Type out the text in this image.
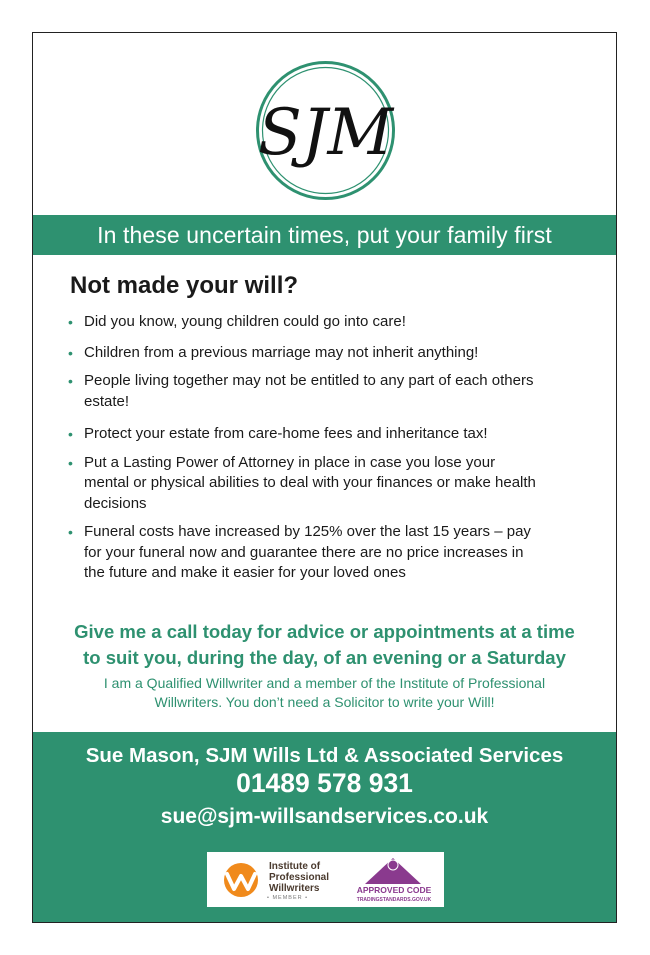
SJM
In these uncertain times, put your family first
Not made your will?
• Did you know, young children could go into care!
• Children from a previous marriage may not inherit anything!
• People living together may not be entitled to any part of each others
estate!
• Protect your estate from care-home fees and inheritance tax!
• Put a Lasting Power of Attorney in place in case you lose your
mental or physical abilities to deal with your finances or make health
decisions
• Funeral costs have increased by 125% over the last 15 years – pay
for your funeral now and guarantee there are no price increases in
the future and make it easier for your loved ones
Give me a call today for advice or appointments at a time
to suit you, during the day, of an evening or a Saturday
I am a Qualified Willwriter and a member of the Institute of Professional
Willwriters. You don’t need a Solicitor to write your Will!
Sue Mason, SJM Wills Ltd & Associated Services
01489 578 931
sue@sjm-willsandservices.co.uk
Institute of
Professional
Willwriters
• MEMBER •
APPROVED CODE
TRADINGSTANDARDS.GOV.UK
